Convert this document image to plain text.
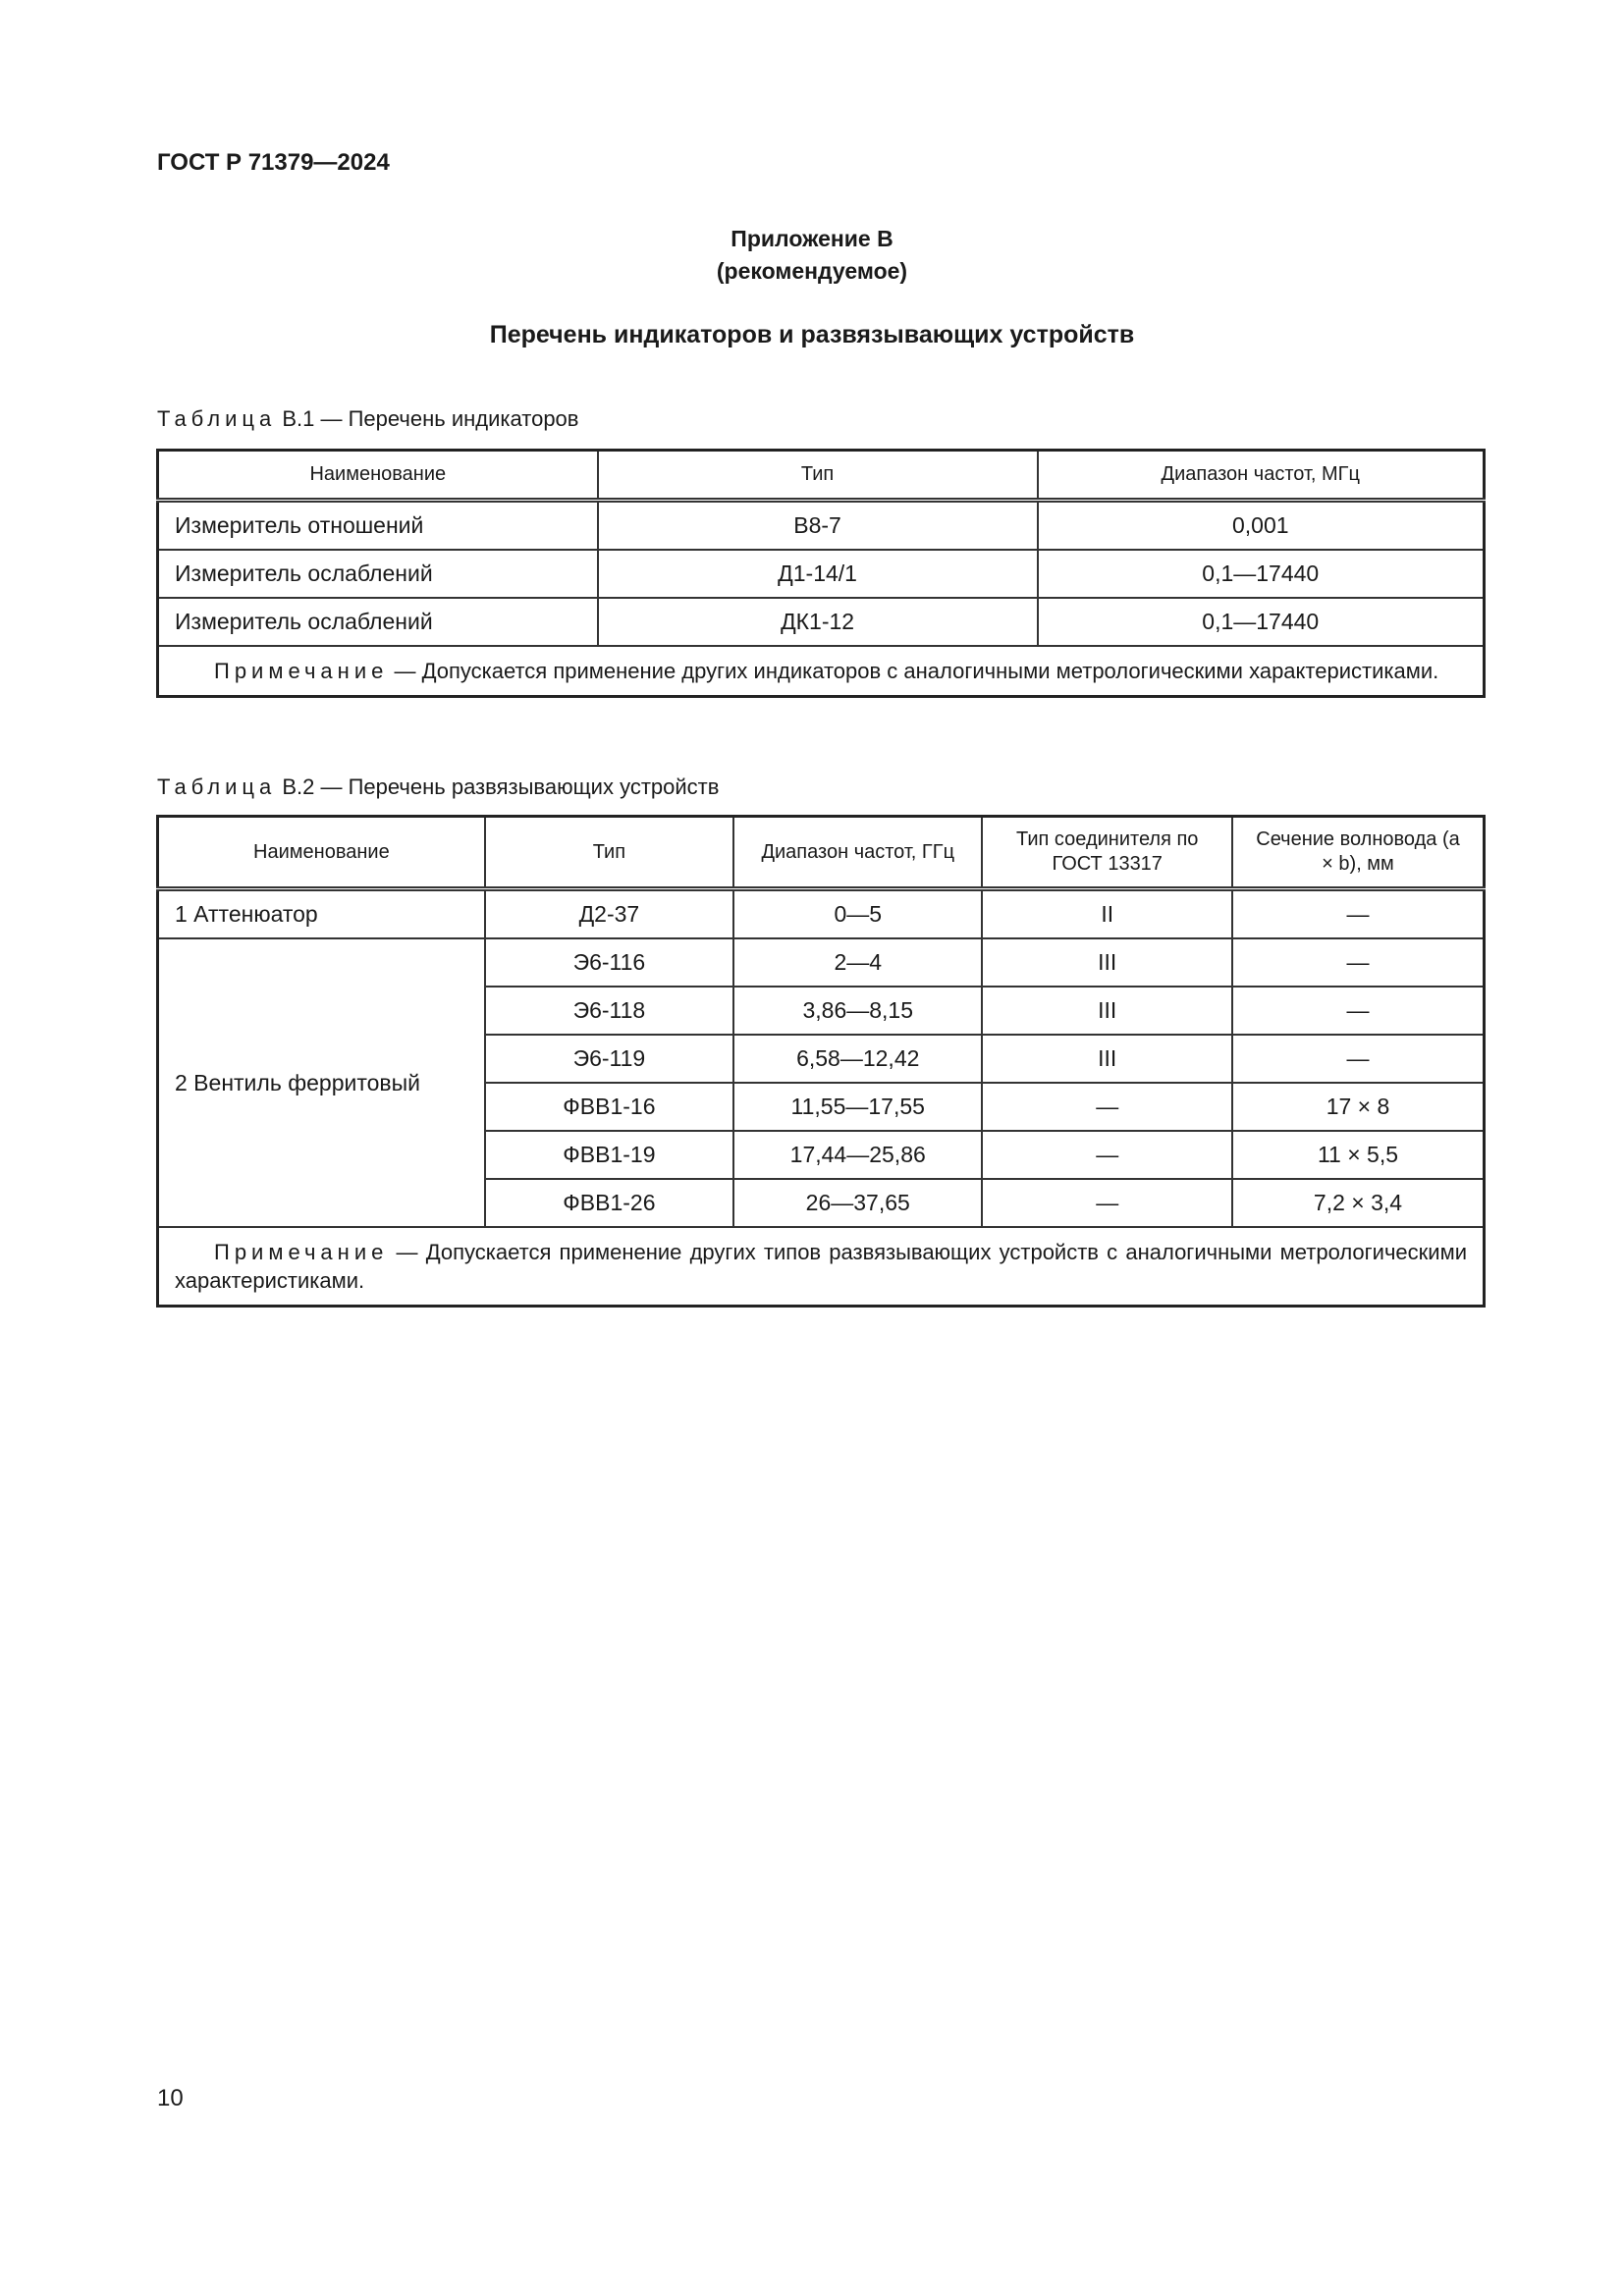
ГОСТ Р 71379—2024
Приложение В
(рекомендуемое)
Перечень индикаторов и развязывающих устройств
Таблица В.1 — Перечень индикаторов
Наименование	Тип	Диапазон частот, МГц
Измеритель отношений	В8-7	0,001
Измеритель ослаблений	Д1-14/1	0,1—17440
Измеритель ослаблений	ДК1-12	0,1—17440
Примечание — Допускается применение других индикаторов с аналогичными метрологическими характеристиками.		
Таблица В.2 — Перечень развязывающих устройств
Наименование	Тип	Диапазон частот, ГГц	Тип соединителя по ГОСТ 13317	Сечение волновода (a × b), мм
1 Аттенюатор	Д2-37	0—5	II	—
2 Вентиль ферритовый	Э6-116	2—4	III	—
	Э6-118	3,86—8,15	III	—
	Э6-119	6,58—12,42	III	—
	ФВВ1-16	11,55—17,55	—	17 × 8
	ФВВ1-19	17,44—25,86	—	11 × 5,5
	ФВВ1-26	26—37,65	—	7,2 × 3,4
Примечание — Допускается применение других типов развязывающих устройств с аналогичными метрологическими характеристиками.				
10
